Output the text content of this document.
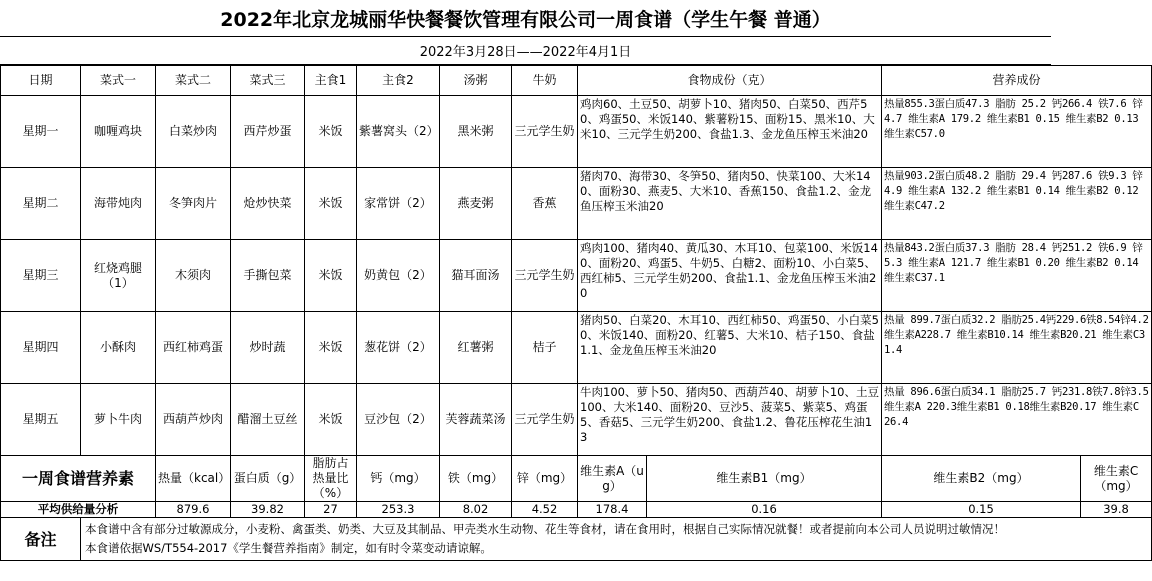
2022年北京龙城丽华快餐餐饮管理有限公司一周食谱（学生午餐 普通）
2022年3月28日——2022年4月1日
日期	菜式一	菜式二	菜式三	主食1	主食2	汤粥	牛奶	食物成份（克）		营养成份	
星期一	咖喱鸡块	白菜炒肉	西芹炒蛋	米饭	紫薯窝头（2）	黑米粥	三元学生奶	鸡肉60、土豆50、胡萝卜10、猪肉50、白菜50、西芹50、鸡蛋50、米饭140、紫薯粉15、面粉15、黑米10、大米10、三元学生奶200、食盐1.3、金龙鱼压榨玉米油20		热量855.3蛋白质47.3 脂肪 25.2 钙266.4 铁7.6 锌4.7 维生素A 179.2 维生素B1 0.15 维生素B2 0.13 维生素C57.0	
星期二	海带炖肉	冬笋肉片	炝炒快菜	米饭	家常饼（2）	燕麦粥	香蕉	猪肉70、海带30、冬笋50、猪肉50、快菜100、大米140、面粉30、燕麦5、大米10、香蕉150、食盐1.2、金龙鱼压榨玉米油20		热量903.2蛋白质48.2 脂肪 29.4 钙287.6 铁9.3 锌4.9 维生素A 132.2 维生素B1 0.14 维生素B2 0.12 维生素C47.2	
星期三	红烧鸡腿（1）	木须肉	手撕包菜	米饭	奶黄包（2）	猫耳面汤	三元学生奶	鸡肉100、猪肉40、黄瓜30、木耳10、包菜100、米饭140、面粉20、鸡蛋5、牛奶5、白糖2、面粉10、小白菜5、西红柿5、三元学生奶200、食盐1.1、金龙鱼压榨玉米油20		热量843.2蛋白质37.3 脂肪 28.4 钙251.2 铁6.9 锌5.3 维生素A 121.7 维生素B1 0.20 维生素B2 0.14 维生素C37.1	
星期四	小酥肉	西红柿鸡蛋	炒时蔬	米饭	葱花饼（2）	红薯粥	桔子	猪肉50、白菜20、木耳10、西红柿50、鸡蛋50、小白菜50、米饭140、面粉20、红薯5、大米10、桔子150、食盐1.1、金龙鱼压榨玉米油20		热量 899.7蛋白质32.2 脂肪25.4钙229.6铁8.54锌4.2 维生素A228.7 维生素B10.14 维生素B20.21 维生素C31.4	
星期五	萝卜牛肉	西葫芦炒肉	醋溜土豆丝	米饭	豆沙包（2）	芙蓉蔬菜汤	三元学生奶	牛肉100、萝卜50、猪肉50、西葫芦40、胡萝卜10、土豆100、大米140、面粉20、豆沙5、菠菜5、紫菜5、鸡蛋5、香菇5、三元学生奶200、食盐1.2、鲁花压榨花生油13		热量 896.6蛋白质34.1 脂肪25.7 钙231.8铁7.8锌3.5维生素A 220.3维生素B1 0.18维生素B20.17 维生素C 26.4	
一周食谱营养素		热量（kcal）	蛋白质（g）	脂肪占热量比（%）	钙（mg）	铁（mg）	锌（mg）	维生素A（ug）	维生素B1（mg）	维生素B2（mg）	维生素C（mg）
平均供给量分析		879.6	39.82	27	253.3	8.02	4.52	178.4	0.16	0.15	39.8
备注	本食谱中含有部分过敏源成分，小麦粉、禽蛋类、奶类、大豆及其制品、甲壳类水生动物、花生等食材，请在食用时，根据自己实际情况就餐！或者提前向本公司人员说明过敏情况！
本食谱依据WS/T554-2017《学生餐营养指南》制定，如有时令菜变动请谅解。										
